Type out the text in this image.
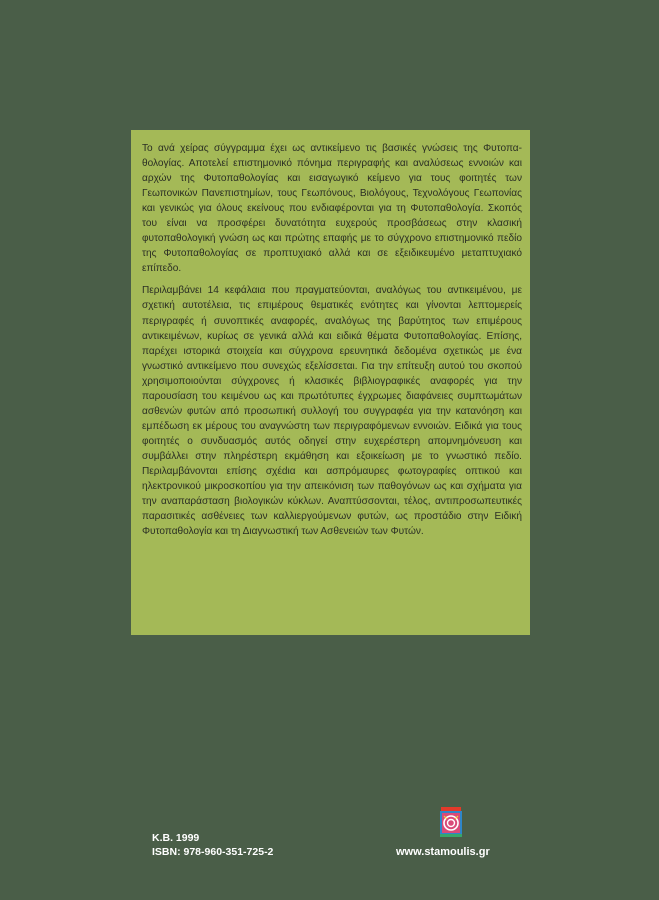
Το ανά χείρας σύγγραμμα έχει ως αντικείμενο τις βασικές γνώσεις της Φυτοπαθολογίας. Αποτελεί επιστημονικό πόνημα περιγραφής και αναλύσεως εννοιών και αρχών της Φυτοπαθολογίας και εισαγωγικό κείμενο για τους φοιτητές των Γεωπονικών Πανεπιστημίων, τους Γεωπόνους, Βιολόγους, Τεχνολόγους Γεωπονίας και γενικώς για όλους εκείνους που ενδιαφέρονται για τη Φυτοπαθολογία. Σκοπός του είναι να προσφέρει δυνατότητα ευχερούς προσβάσεως στην κλασική φυτοπαθολογική γνώση ως και πρώτης επαφής με το σύγχρονο επιστημονικό πεδίο της Φυτοπαθολογίας σε προπτυχιακό αλλά και σε εξειδικευμένο μεταπτυχιακό επίπεδο.

Περιλαμβάνει 14 κεφάλαια που πραγματεύονται, αναλόγως του αντικειμένου, με σχετική αυτοτέλεια, τις επιμέρους θεματικές ενότητες και γίνονται λεπτομερείς περιγραφές ή συνοπτικές αναφορές, αναλόγως της βαρύτητος των επιμέρους αντικειμένων, κυρίως σε γενικά αλλά και ειδικά θέματα Φυτοπαθολογίας. Επίσης, παρέχει ιστορικά στοιχεία και σύγχρονα ερευνητικά δεδομένα σχετικώς με ένα γνωστικό αντικείμενο που συνεχώς εξελίσσεται. Για την επίτευξη αυτού του σκοπού χρησιμοποιούνται σύγχρονες ή κλασικές βιβλιογραφικές αναφορές για την παρουσίαση του κειμένου ως και πρωτότυπες έγχρωμες διαφάνειες συμπτωμάτων ασθενών φυτών από προσωπική συλλογή του συγγραφέα για την κατανόηση και εμπέδωση εκ μέρους του αναγνώστη των περιγραφόμενων εννοιών. Ειδικά για τους φοιτητές ο συνδυασμός αυτός οδηγεί στην ευχερέστερη απομνημόνευση και συμβάλλει στην πληρέστερη εκμάθηση και εξοικείωση με το γνωστικό πεδίο. Περιλαμβάνονται επίσης σχέdια και ασπρόμαυρες φωτογραφίες οπτικού και ηλεκτρονικού μικροσκοπίου για την απεικόνιση των παθογόνων ως και σχήματα για την αναπαράσταση βιολογικών κύκλων. Αναπτύσσονται, τέλος, αντιπροσωπευτικές παρασιτικές ασθένειες των καλλιεργούμενων φυτών, ως προστάδιο στην Ειδική Φυτοπαθολογία και τη Διαγνωστική των Ασθενειών των Φυτών.

Κ.Β. 1999
ISBN: 978-960-351-725-2	www.stamoulis.gr
